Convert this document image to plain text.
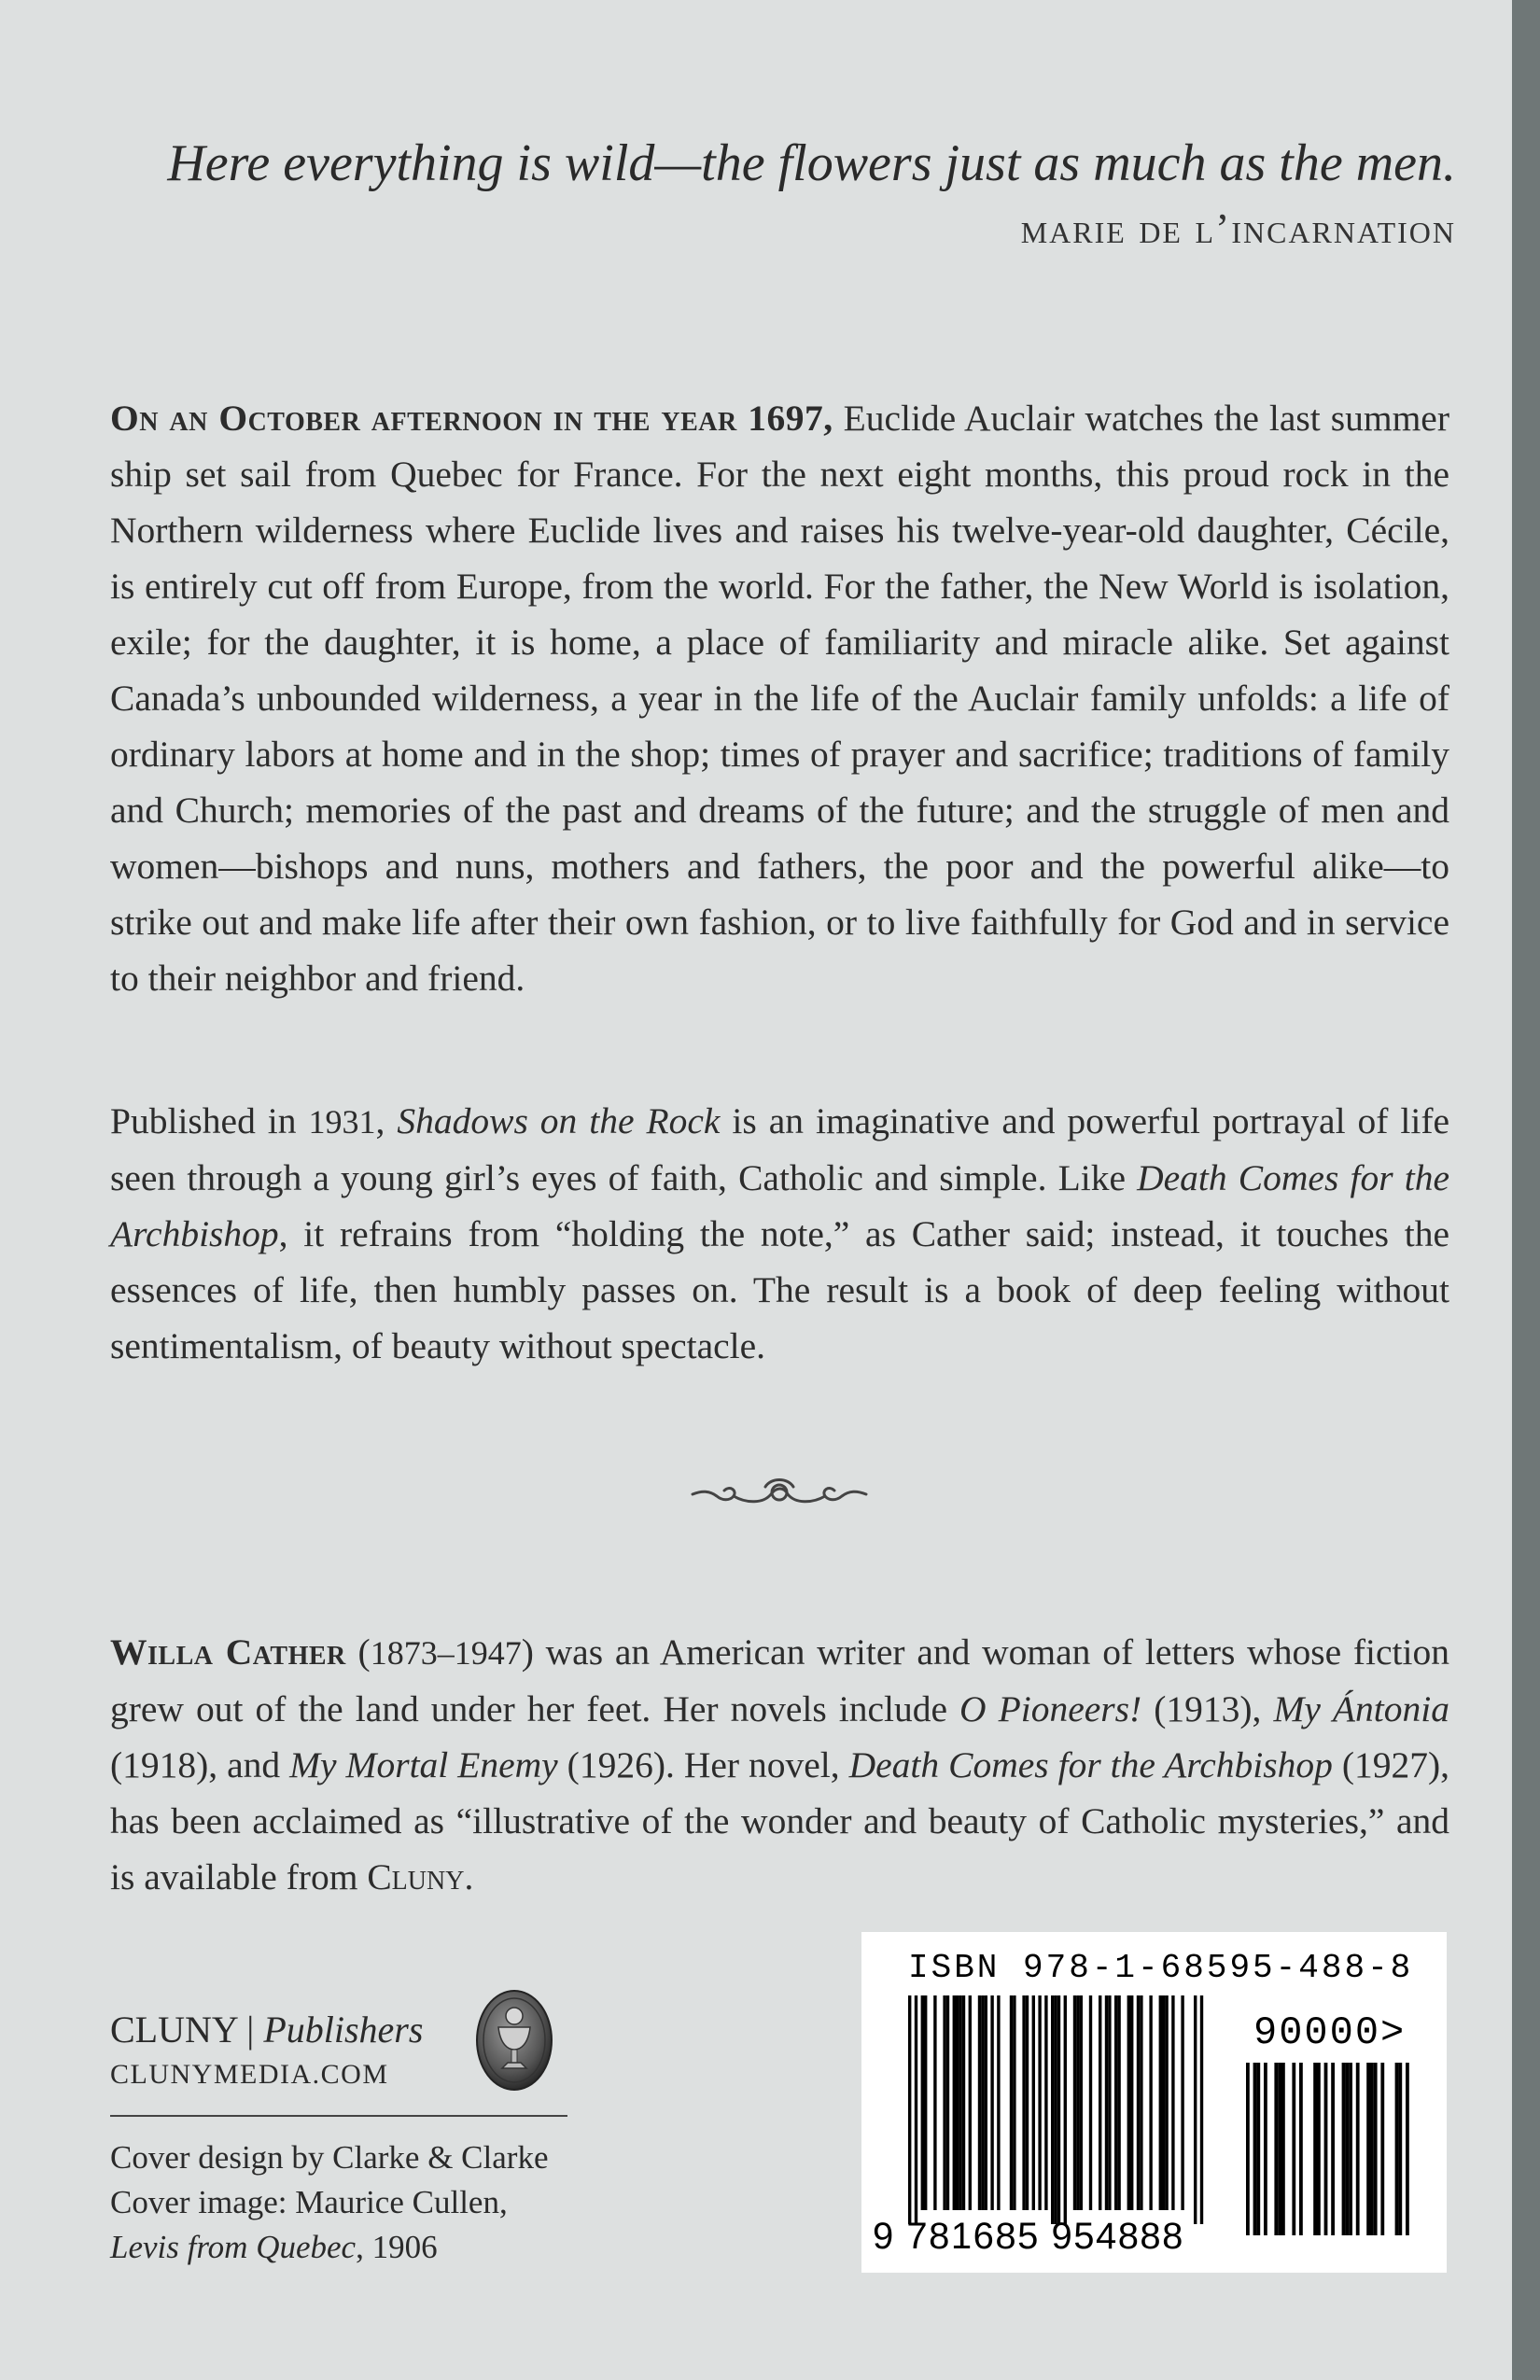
Here everything is wild—the flowers just as much as the men.
marie de l’incarnation
On an October afternoon in the year 1697, Euclide Auclair watches the last summer ship set sail from Quebec for France. For the next eight months, this proud rock in the Northern wilderness where Euclide lives and raises his twelve-year-old daughter, Cécile, is entirely cut off from Europe, from the world. For the father, the New World is isolation, exile; for the daughter, it is home, a place of familiarity and miracle alike. Set against Canada’s unbounded wilderness, a year in the life of the Auclair family unfolds: a life of ordinary labors at home and in the shop; times of prayer and sacrifice; traditions of family and Church; memories of the past and dreams of the future; and the struggle of men and women—bishops and nuns, mothers and fathers, the poor and the powerful alike—to strike out and make life after their own fashion, or to live faithfully for God and in service to their neighbor and friend.
Published in 1931, Shadows on the Rock is an imaginative and powerful portrayal of life seen through a young girl’s eyes of faith, Catholic and simple. Like Death Comes for the Archbishop, it refrains from “holding the note,” as Cather said; instead, it touches the essences of life, then humbly passes on. The result is a book of deep feeling without sentimentalism, of beauty without spectacle.
Willa Cather (1873–1947) was an American writer and woman of letters whose fiction grew out of the land under her feet. Her novels include O Pioneers! (1913), My Ántonia (1918), and My Mortal Enemy (1926). Her novel, Death Comes for the Archbishop (1927), has been acclaimed as “illustrative of the wonder and beauty of Catholic mysteries,” and is available from Cluny.
CLUNY | Publishers
CLUNYMEDIA.COM
Cover design by Clarke & Clarke
Cover image: Maurice Cullen,
Levis from Quebec, 1906
ISBN 978-1-68595-488-8
90000>
9 781685 954888
